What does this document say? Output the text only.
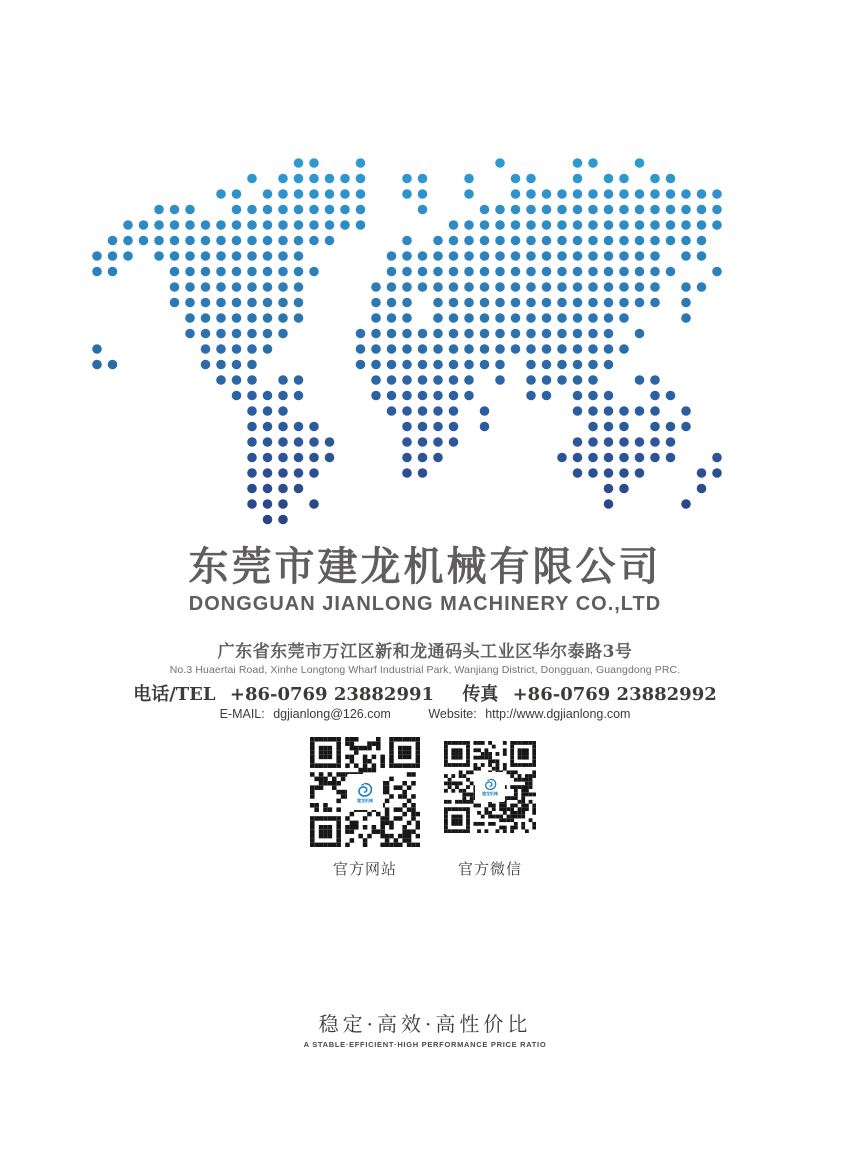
东莞市建龙机械有限公司
DONGGUAN JIANLONG MACHINERY CO.,LTD
广东省东莞市万江区新和龙通码头工业区华尔泰路3号
No.3 Huaertai Road, Xinhe Longtong Wharf Industrial Park, Wanjiang District, Dongguan, Guangdong PRC.
电话/TEL +86-0769 23882991 传真 +86-0769 23882992
E-MAIL: dgjianlong@126.com	Website: http://www.dgjianlong.com
建龙机械
建龙机械
官方网站	官方微信
稳定·高效·高性价比
A STABLE·EFFICIENT·HIGH PERFORMANCE PRICE RATIO
